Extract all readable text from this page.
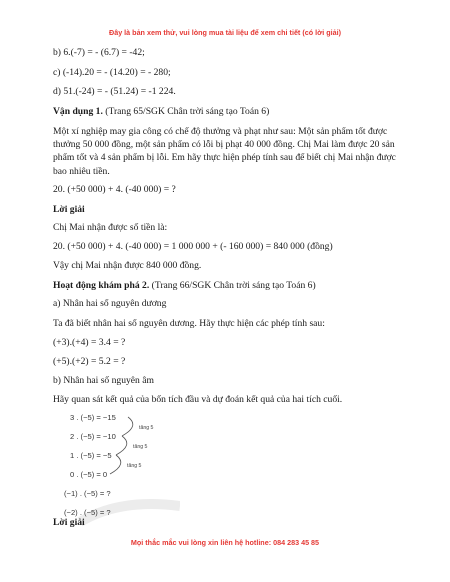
Đây là bản xem thử, vui lòng mua tài liệu để xem chi tiết (có lời giải)
b) 6.(-7) = - (6.7) = -42;
c) (-14).20 = - (14.20) = - 280;
d) 51.(-24) = - (51.24) = -1 224.
Vận dụng 1. (Trang 65/SGK Chân trời sáng tạo Toán 6)
Một xí nghiệp may gia công có chế độ thưởng và phạt như sau: Một sản phẩm tốt được thưởng 50 000 đồng, một sản phẩm có lỗi bị phạt 40 000 đồng. Chị Mai làm được 20 sản phẩm tốt và 4 sản phẩm bị lỗi. Em hãy thực hiện phép tính sau để biết chị Mai nhận được bao nhiêu tiền.
20. (+50 000) + 4. (-40 000) = ?
Lời giải
Chị Mai nhận được số tiền là:
20. (+50 000) + 4. (-40 000) = 1 000 000 + (- 160 000) = 840 000 (đồng)
Vậy chị Mai nhận được 840 000 đồng.
Hoạt động khám phá 2. (Trang 66/SGK Chân trời sáng tạo Toán 6)
a) Nhân hai số nguyên dương
Ta đã biết nhân hai số nguyên dương. Hãy thực hiện các phép tính sau:
(+3).(+4) = 3.4 = ?
(+5).(+2) = 5.2 = ?
b) Nhân hai số nguyên âm
Hãy quan sát kết quả của bốn tích đầu và dự đoán kết quả của hai tích cuối.
3 . (−5) = −15
2 . (−5) = −10
1 . (−5) = −5
0 . (−5) = 0
(−1) . (−5) = ?
(−2) . (−5) = ?
tăng 5
tăng 5
tăng 5
Lời giải
Mọi thắc mắc vui lòng xin liên hệ hotline: 084 283 45 85
